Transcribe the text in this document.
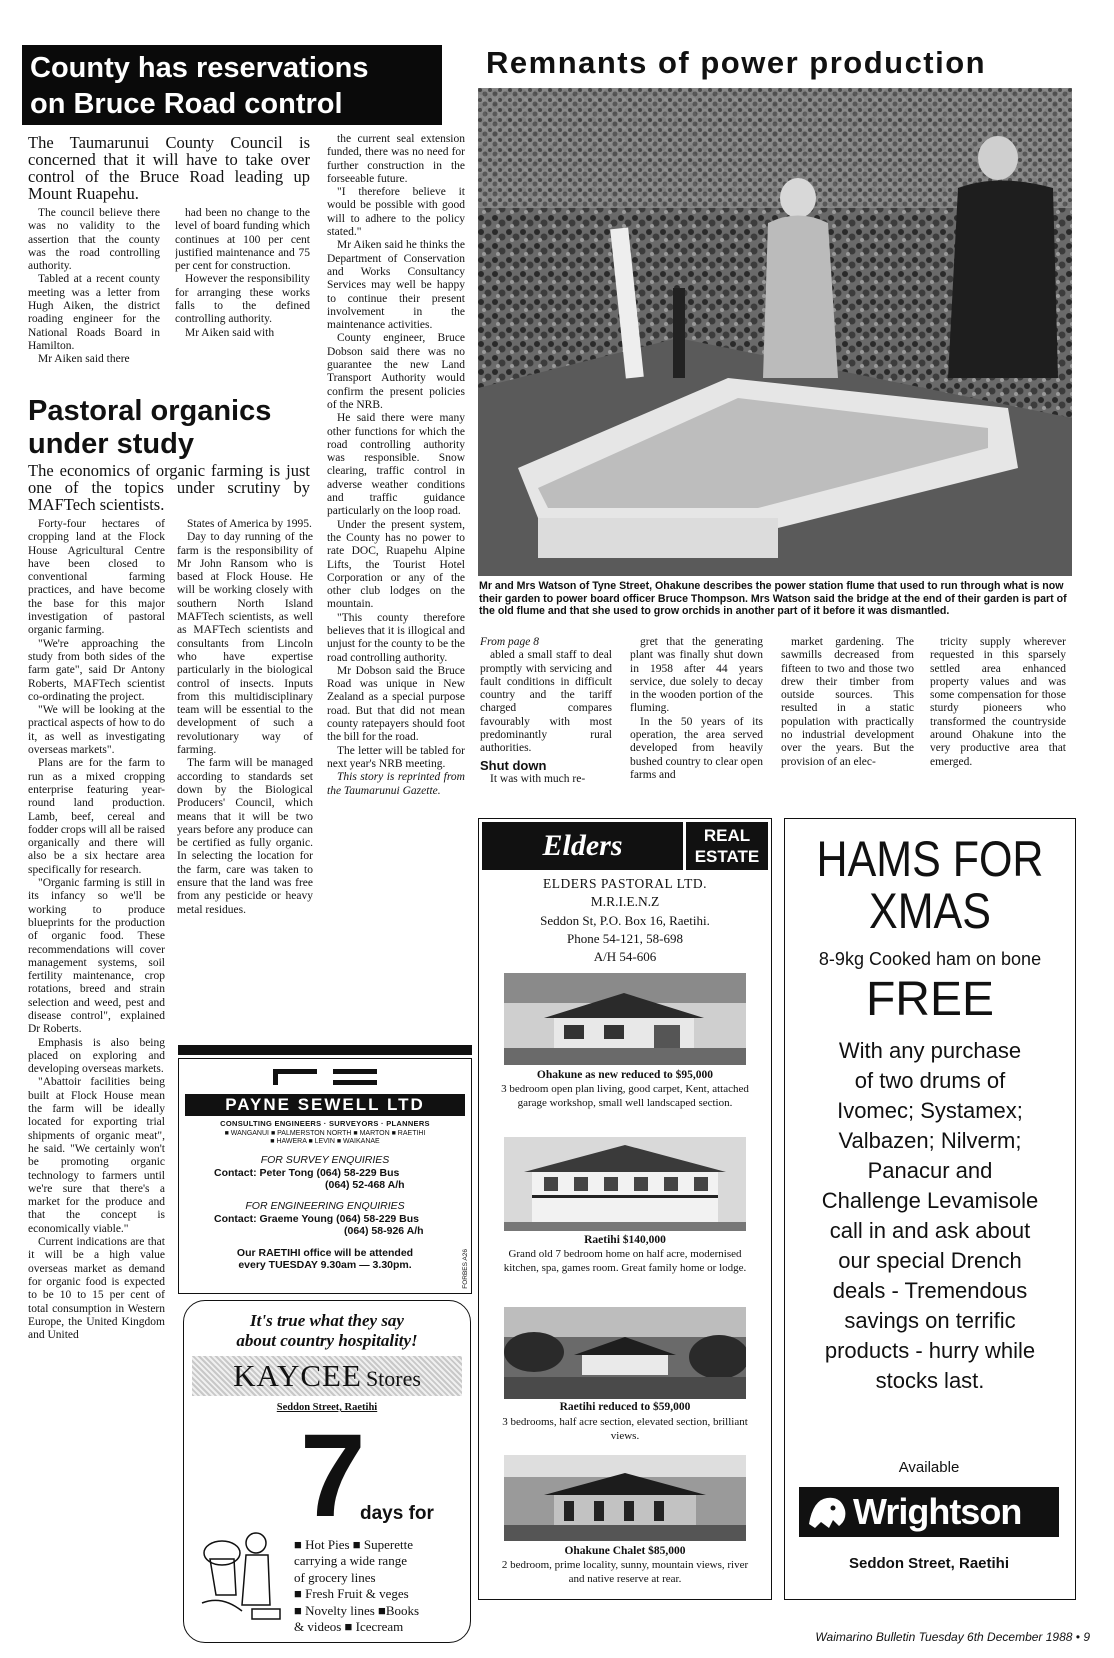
County has reservations
on Bruce Road control
The Taumarunui County Council is concerned that it will have to take over control of the Bruce Road leading up Mount Ruapehu.

The council believe there was no validity to the assertion that the county was the road controlling authority.

Tabled at a recent county meeting was a letter from Hugh Aiken, the district roading engineer for the National Roads Board in Hamilton.

Mr Aiken said there

had been no change to the level of board funding which continues at 100 per cent justified maintenance and 75 per cent for construction.

However the responsibility for arranging these works falls to the defined controlling authority.

Mr Aiken said with

the current seal extension funded, there was no need for further construction in the forseeable future.

"I therefore believe it would be possible with good will to adhere to the policy stated."

Mr Aiken said he thinks the Department of Conservation and Works Consultancy Services may well be happy to continue their present involvement in the maintenance activities.

County engineer, Bruce Dobson said there was no guarantee the new Land Transport Authority would confirm the present policies of the NRB.

He said there were many other functions for which the road controlling authority was responsible. Snow clearing, traffic control in adverse weather conditions and traffic guidance particularly on the loop road.

Under the present system, the County has no power to rate DOC, Ruapehu Alpine Lifts, the Tourist Hotel Corporation or any of the other club lodges on the mountain.

"This county therefore believes that it is illogical and unjust for the county to be the road controlling authority.

Mr Dobson said the Bruce Road was unique in New Zealand as a special purpose road. But that did not mean county ratepayers should foot the bill for the road.

The letter will be tabled for next year's NRB meeting.

This story is reprinted from the Taumarunui Gazette.

Pastoral organics
under study
The economics of organic farming is just one of the topics under scrutiny by MAFTech scientists.

Forty-four hectares of cropping land at the Flock House Agricultural Centre have been closed to conventional farming practices, and have become the base for this major investigation of pastoral organic farming.

"We're approaching the study from both sides of the farm gate", said Dr Antony Roberts, MAFTech scientist co-ordinating the project.

"We will be looking at the practical aspects of how to do it, as well as investigating overseas markets".

Plans are for the farm to run as a mixed cropping enterprise featuring year-round land production. Lamb, beef, cereal and fodder crops will all be raised organically and there will also be a six hectare area specifically for research.

"Organic farming is still in its infancy so we'll be working to produce blueprints for the production of organic food. These recommendations will cover management systems, soil fertility maintenance, crop rotations, breed and strain selection and weed, pest and disease control", explained Dr Roberts.

Emphasis is also being placed on exploring and developing overseas markets.

"Abattoir facilities being built at Flock House mean the farm will be ideally located for exporting trial shipments of organic meat", he said. "We certainly won't be promoting organic technology to farmers until we're sure that there's a market for the produce and that the concept is economically viable."

Current indications are that it will be a high value overseas market as demand for organic food is expected to be 10 to 15 per cent of total consumption in Western Europe, the United Kingdom and United

States of America by 1995.

Day to day running of the farm is the responsibility of Mr John Ransom who is based at Flock House. He will be working closely with southern North Island MAFTech scientists, as well as MAFTech scientists and consultants from Lincoln who have expertise particularly in the biological control of insects. Inputs from this multidisciplinary team will be essential to the development of such a revolutionary way of farming.

The farm will be managed according to standards set down by the Biological Producers' Council, which means that it will be two years before any produce can be certified as fully organic. In selecting the location for the farm, care was taken to ensure that the land was free from any pesticide or heavy metal residues.

Remnants of power production
Mr and Mrs Watson of Tyne Street, Ohakune describes the power station flume that used to run through what is now their garden to power board officer Bruce Thompson. Mrs Watson said the bridge at the end of their garden is part of the old flume and that she used to grow orchids in another part of it before it was dismantled.

From page 8

abled a small staff to deal promptly with servicing and fault conditions in difficult country and the tariff charged compares favourably with most predominantly rural authorities.

Shut down

It was with much re-

gret that the generating plant was finally shut down in 1958 after 44 years service, due solely to decay in the wooden portion of the fluming.

In the 50 years of its operation, the area served developed from heavily bushed country to clear open farms and

market gardening. The sawmills decreased from fifteen to two and those two drew their timber from outside sources. This resulted in a static population with practically no industrial development over the years. But the provision of an elec-

tricity supply wherever requested in this sparsely settled area enhanced property values and was some compensation for those sturdy pioneers who transformed the countryside around Ohakune into the very productive area that emerged.

PAYNE SEWELL LTD
CONSULTING ENGINEERS · SURVEYORS · PLANNERS
■ WANGANUI ■ PALMERSTON NORTH ■ MARTON ■ RAETIHI
■ HAWERA ■ LEVIN ■ WAIKANAE
FOR SURVEY ENQUIRIES
Contact: Peter Tong (064) 58-229 Bus
(064) 52-468 A/h
FOR ENGINEERING ENQUIRIES
Contact: Graeme Young (064) 58-229 Bus
(064) 58-926 A/h
Our RAETIHI office will be attended
every TUESDAY 9.30am — 3.30pm.	FORBES A26
It's true what they say
about country hospitality!
KAYCEE Stores
Seddon Street, Raetihi
7
days for
■ Hot Pies ■ Superette
carrying a wide range
of grocery lines
■ Fresh Fruit & veges
■ Novelty lines ■Books
& videos ■ Icecream
Elders	REAL
ESTATE
ELDERS PASTORAL LTD.
M.R.I.E.N.Z
Seddon St, P.O. Box 16, Raetihi.
Phone 54-121, 58-698
A/H 54-606
Ohakune as new reduced to $95,000
3 bedroom open plan living, good carpet, Kent, attached garage workshop, small well landscaped section.
Raetihi $140,000
Grand old 7 bedroom home on half acre, modernised kitchen, spa, games room. Great family home or lodge.
Raetihi reduced to $59,000
3 bedrooms, half acre section, elevated section, brilliant views.
Ohakune Chalet $85,000
2 bedroom, prime locality, sunny, mountain views, river and native reserve at rear.
HAMS FOR
XMAS
8-9kg Cooked ham on bone
FREE
With any purchase
of two drums of
Ivomec; Systamex;
Valbazen; Nilverm;
Panacur and
Challenge Levamisole
call in and ask about
our special Drench
deals - Tremendous
savings on terrific
products - hurry while
stocks last.
Available
Wrightson
Seddon Street, Raetihi
Waimarino Bulletin Tuesday 6th December 1988 • 9
